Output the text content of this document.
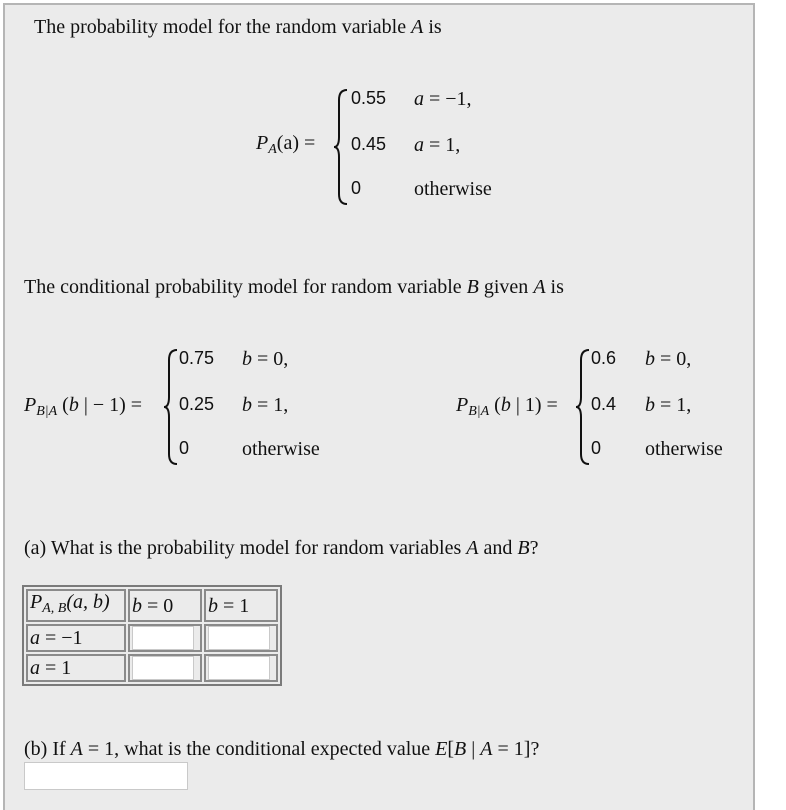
The probability model for the random variable A is
$P_A(a)$ =
0.55 a = −1,
0.45 a = 1,
0	otherwise
The conditional probability model for random variable B given A is
$P_{B|A}$ (b | − 1) =
0.75 b = 0,
0.25 b = 1,
0	otherwise
$P_{B|A}$ (b | 1) =
0.6 b = 0,
0.4 b = 1,
0 otherwise
(a) What is the probability model for random variables A and B?
$P_{A, B}(a$, b)	b = 0	b = 1
a = −1	

a = 1	

(b) If A = 1, what is the conditional expected value E[B | A = 1]?
